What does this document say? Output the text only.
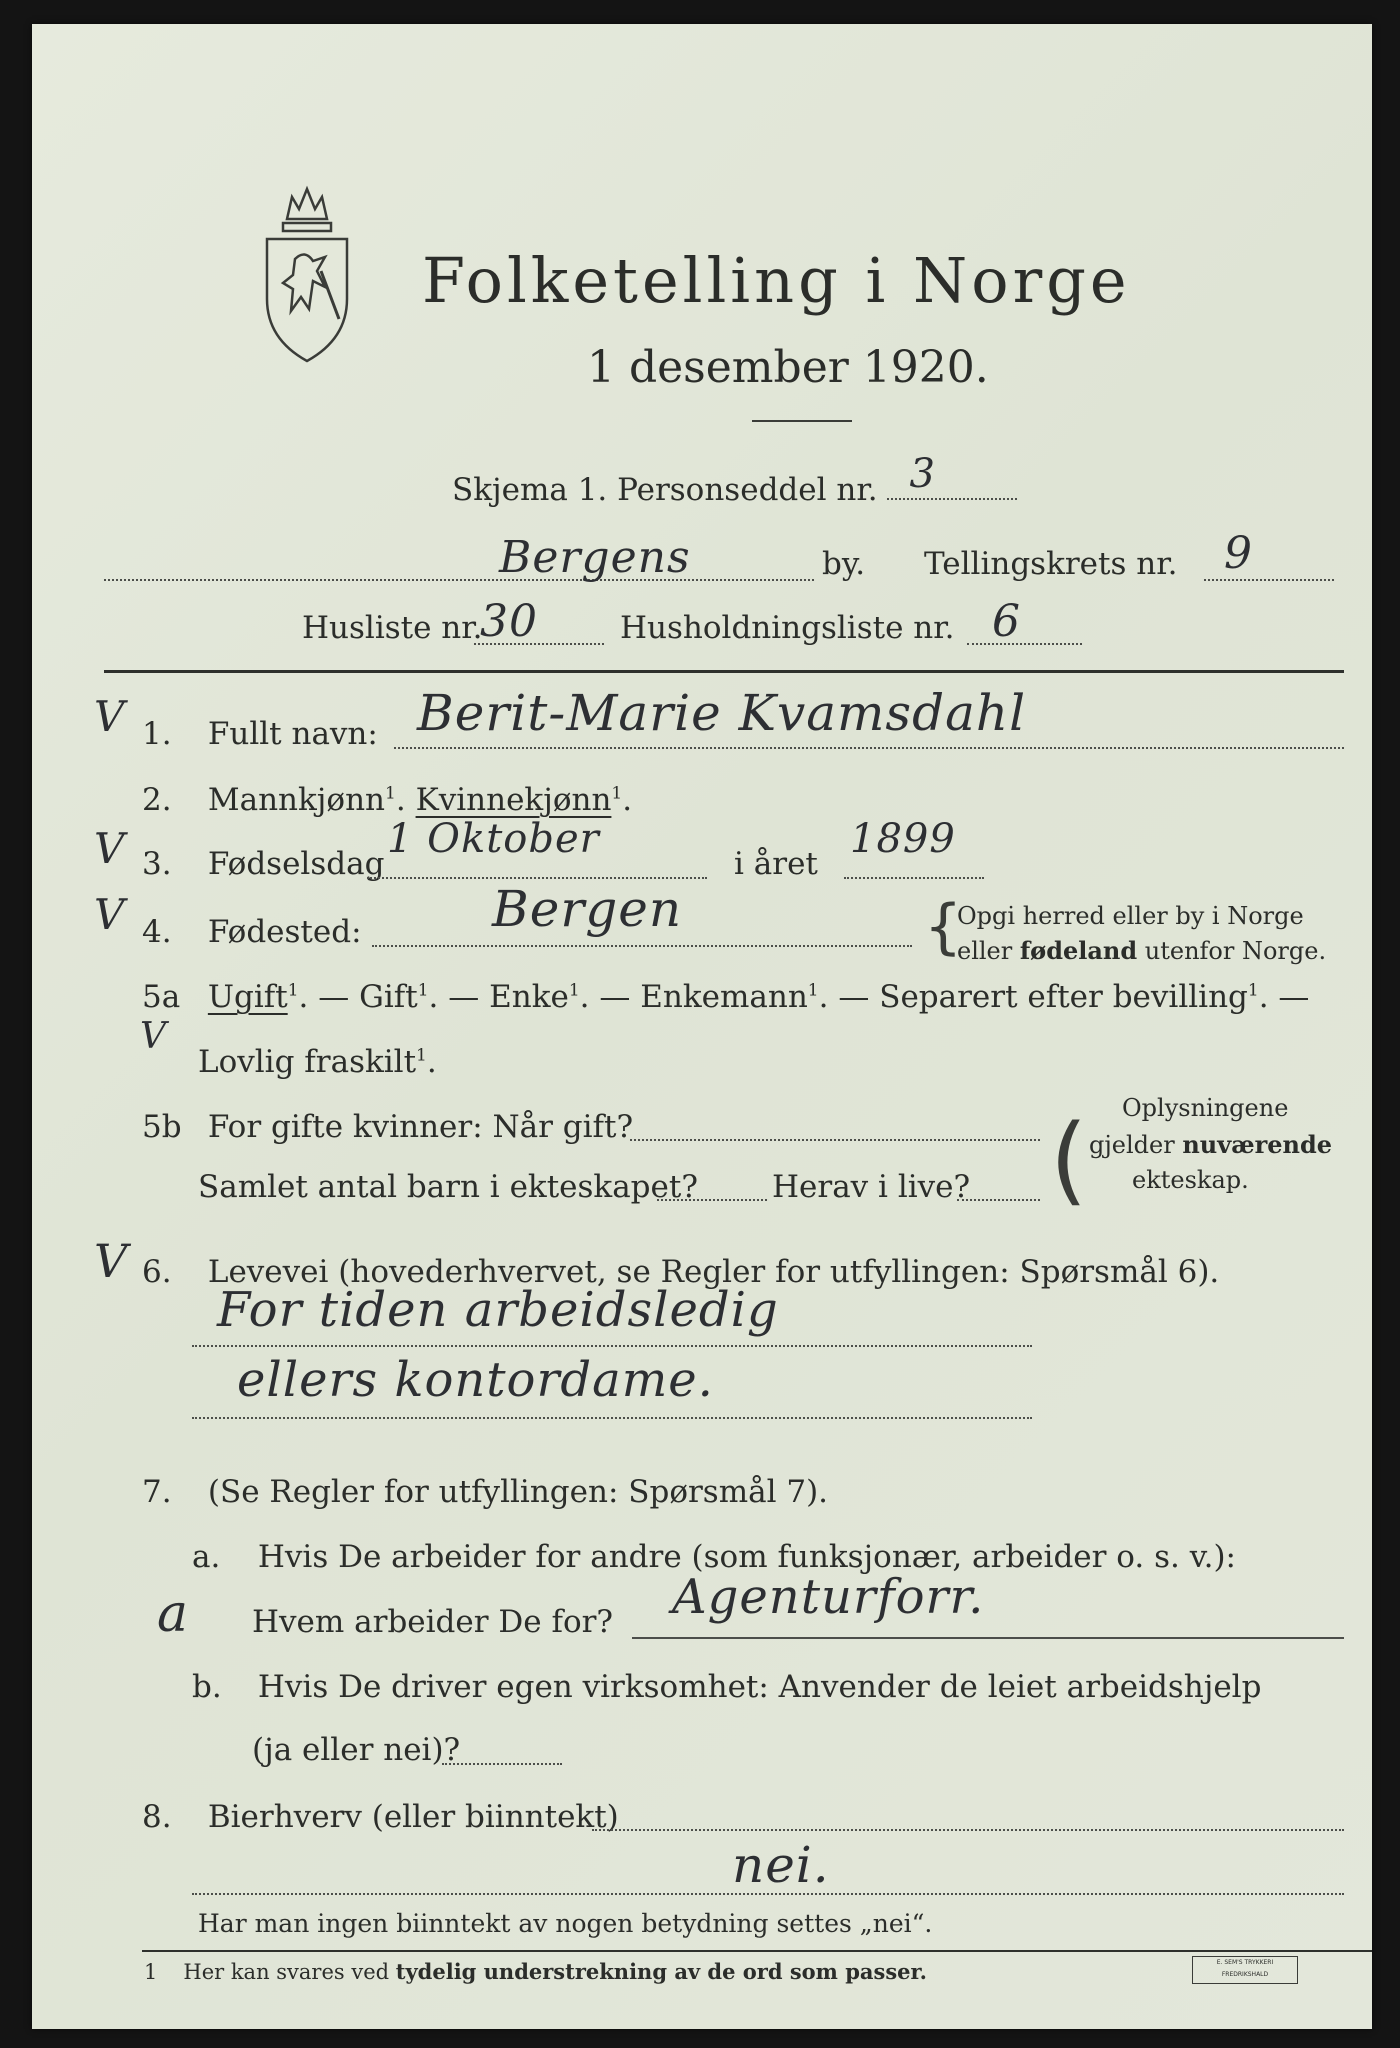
Folketelling i Norge
1 desember 1920.
Skjema 1. Personseddel nr. 3
Bergens	by. Tellingskrets nr. 9
Husliste nr.
30	Husholdningsliste nr. 6
V 1. Fullt navn: Berit-Marie Kvamsdahl
2. Mannkjønn$^1$. Kvinnekjønn$^1$.
V 3. Fødselsdag
1 Oktober
i året
1899
V 4. Fødested:	Bergen	{
Opgi herred eller by i Norge
eller fødeland utenfor Norge.
V
5a Ugift$^1$. — Gift$^1$. — Enke$^1$. — Enkemann$^1$. — Separert efter bevilling$^1$. —
Lovlig fraskilt$^1$.
5b For gifte kvinner: Når gift?
Samlet antal barn i ekteskapet? Herav i live? ( Oplysningene
gjelder nuværende
ekteskap.
V 6. Levevei (hovederhvervet, se Regler for utfyllingen: Spørsmål 6).
For tiden arbeidsledig
ellers kontordame.
7. (Se Regler for utfyllingen: Spørsmål 7).
a. Hvis De arbeider for andre (som funksjonær, arbeider o. s. v.):
a Hvem arbeider De for? Agenturforr.
b. Hvis De driver egen virksomhet: Anvender de leiet arbeidshjelp
(ja eller nei)?
8. Bierhverv (eller biinntekt)
nei.
Har man ingen biinntekt av nogen betydning settes „nei“.
1 Her kan svares ved tydelig understrekning av de ord som passer.	E. SEM'S TRYKKERI FREDRIKSHALD
